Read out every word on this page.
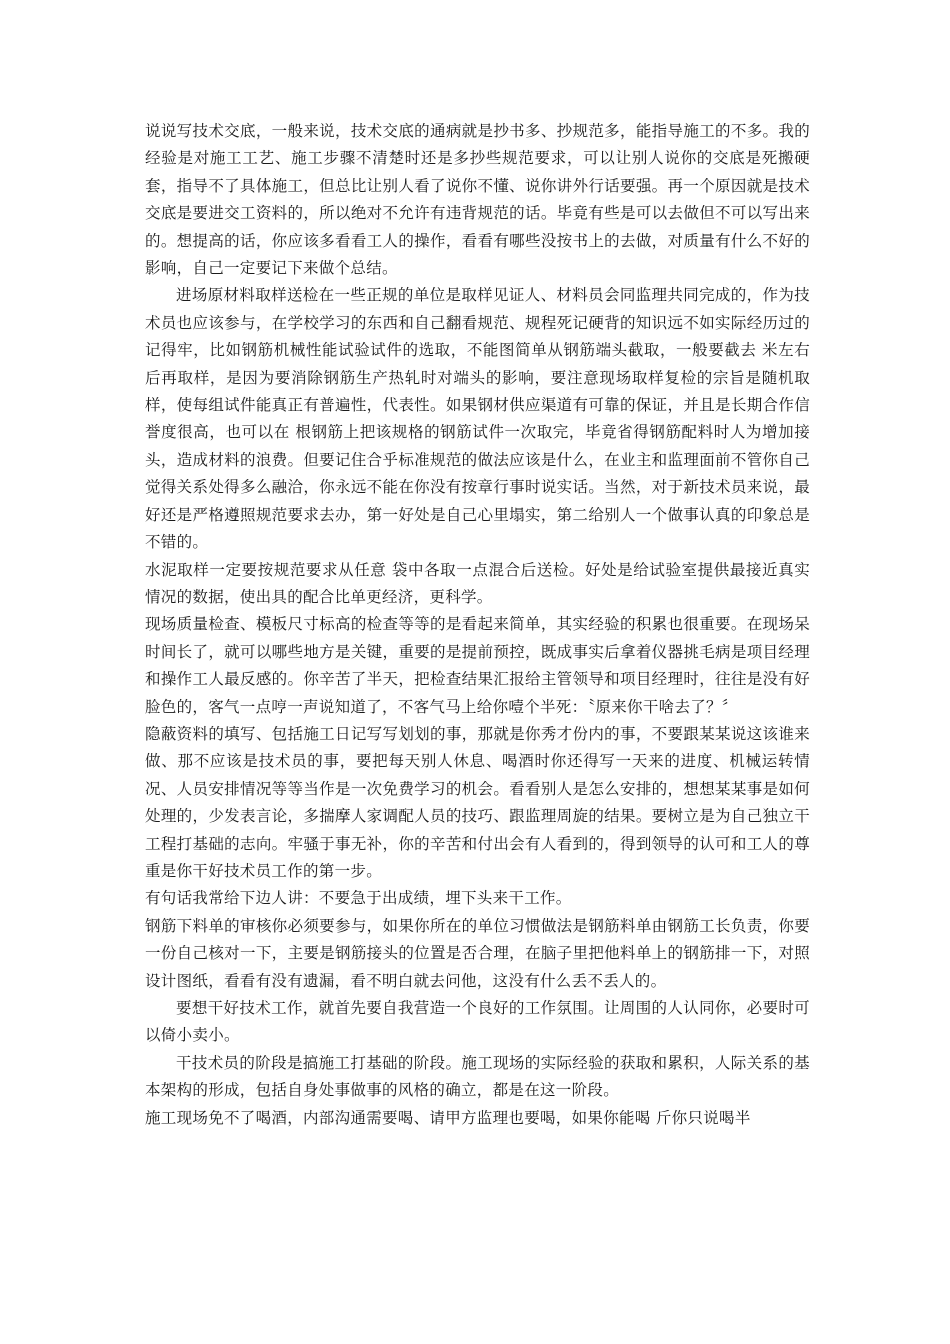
说说写技术交底，一般来说，技术交底的通病就是抄书多、抄规范多，能指导施工的不多。我的经验是对施工工艺、施工步骤不清楚时还是多抄些规范要求，可以让别人说你的交底是死搬硬套，指导不了具体施工，但总比让别人看了说你不懂、说你讲外行话要强。再一个原因就是技术交底是要进交工资料的，所以绝对不允许有违背规范的话。毕竟有些是可以去做但不可以写出来的。想提高的话，你应该多看看工人的操作，看看有哪些没按书上的去做，对质量有什么不好的影响，自己一定要记下来做个总结。

进场原材料取样送检在一些正规的单位是取样见证人、材料员会同监理共同完成的，作为技术员也应该参与，在学校学习的东西和自己翻看规范、规程死记硬背的知识远不如实际经历过的记得牢，比如钢筋机械性能试验试件的选取，不能图简单从钢筋端头截取，一般要截去 米左右后再取样，是因为要消除钢筋生产热轧时对端头的影响，要注意现场取样复检的宗旨是随机取样，使每组试件能真正有普遍性，代表性。如果钢材供应渠道有可靠的保证，并且是长期合作信誉度很高，也可以在 根钢筋上把该规格的钢筋试件一次取完，毕竟省得钢筋配料时人为增加接头，造成材料的浪费。但要记住合乎标准规范的做法应该是什么，在业主和监理面前不管你自己觉得关系处得多么融洽，你永远不能在你没有按章行事时说实话。当然，对于新技术员来说，最好还是严格遵照规范要求去办，第一好处是自己心里塌实，第二给别人一个做事认真的印象总是不错的。

水泥取样一定要按规范要求从任意 袋中各取一点混合后送检。好处是给试验室提供最接近真实情况的数据，使出具的配合比单更经济，更科学。

现场质量检查、模板尺寸标高的检查等等的是看起来简单，其实经验的积累也很重要。在现场呆时间长了，就可以哪些地方是关键，重要的是提前预控，既成事实后拿着仪器挑毛病是项目经理和操作工人最反感的。你辛苦了半天，把检查结果汇报给主管领导和项目经理时，往往是没有好脸色的，客气一点哼一声说知道了，不客气马上给你噎个半死：〝原来你干啥去了？〞

隐蔽资料的填写、包括施工日记写写划划的事，那就是你秀才份内的事，不要跟某某说这该谁来做、那不应该是技术员的事，要把每天别人休息、喝酒时你还得写一天来的进度、机械运转情况、人员安排情况等等当作是一次免费学习的机会。看看别人是怎么安排的，想想某某事是如何处理的，少发表言论，多揣摩人家调配人员的技巧、跟监理周旋的结果。要树立是为自己独立干工程打基础的志向。牢骚于事无补，你的辛苦和付出会有人看到的，得到领导的认可和工人的尊重是你干好技术员工作的第一步。

有句话我常给下边人讲：不要急于出成绩，埋下头来干工作。

钢筋下料单的审核你必须要参与，如果你所在的单位习惯做法是钢筋料单由钢筋工长负责，你要一份自己核对一下，主要是钢筋接头的位置是否合理，在脑子里把他料单上的钢筋排一下，对照设计图纸，看看有没有遗漏，看不明白就去问他，这没有什么丢不丢人的。

要想干好技术工作，就首先要自我营造一个良好的工作氛围。让周围的人认同你，必要时可以倚小卖小。

干技术员的阶段是搞施工打基础的阶段。施工现场的实际经验的获取和累积，人际关系的基本架构的形成，包括自身处事做事的风格的确立，都是在这一阶段。

施工现场免不了喝酒，内部沟通需要喝、请甲方监理也要喝，如果你能喝 斤你只说喝半
